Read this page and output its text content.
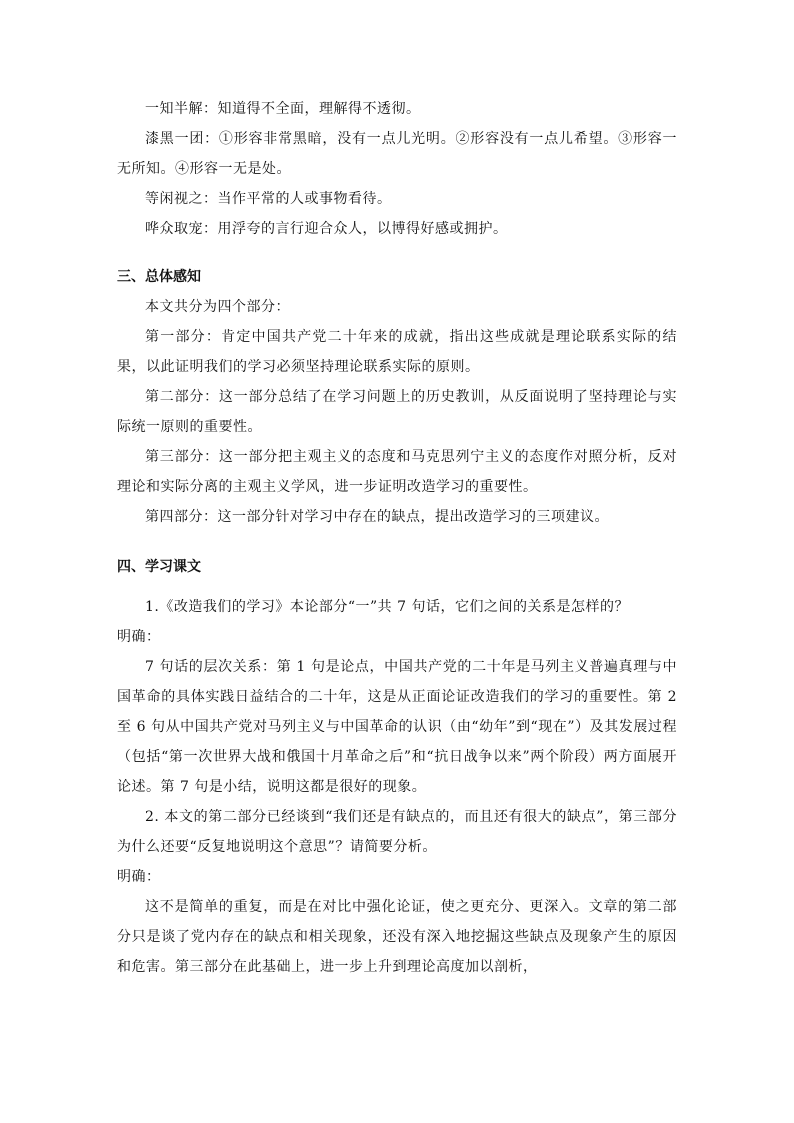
一知半解：知道得不全面，理解得不透彻。

漆黑一团：①形容非常黑暗，没有一点儿光明。②形容没有一点儿希望。③形容一无所知。④形容一无是处。

等闲视之：当作平常的人或事物看待。

哗众取宠：用浮夸的言行迎合众人，以博得好感或拥护。

三、总体感知

本文共分为四个部分：

第一部分：肯定中国共产党二十年来的成就，指出这些成就是理论联系实际的结果，以此证明我们的学习必须坚持理论联系实际的原则。

第二部分：这一部分总结了在学习问题上的历史教训，从反面说明了坚持理论与实际统一原则的重要性。

第三部分：这一部分把主观主义的态度和马克思列宁主义的态度作对照分析，反对理论和实际分离的主观主义学风，进一步证明改造学习的重要性。

第四部分：这一部分针对学习中存在的缺点，提出改造学习的三项建议。

四、学习课文

1.《改造我们的学习》本论部分“一”共 7 句话，它们之间的关系是怎样的？

明确：

7 句话的层次关系：第 1 句是论点，中国共产党的二十年是马列主义普遍真理与中国革命的具体实践日益结合的二十年，这是从正面论证改造我们的学习的重要性。第 2 至 6 句从中国共产党对马列主义与中国革命的认识（由“幼年”到“现在”）及其发展过程（包括“第一次世界大战和俄国十月革命之后”和“抗日战争以来”两个阶段）两方面展开论述。第 7 句是小结，说明这都是很好的现象。

2. 本文的第二部分已经谈到“我们还是有缺点的，而且还有很大的缺点”，第三部分为什么还要“反复地说明这个意思”？请简要分析。

明确：

这不是简单的重复，而是在对比中强化论证，使之更充分、更深入。文章的第二部分只是谈了党内存在的缺点和相关现象，还没有深入地挖掘这些缺点及现象产生的原因和危害。第三部分在此基础上，进一步上升到理论高度加以剖析，
